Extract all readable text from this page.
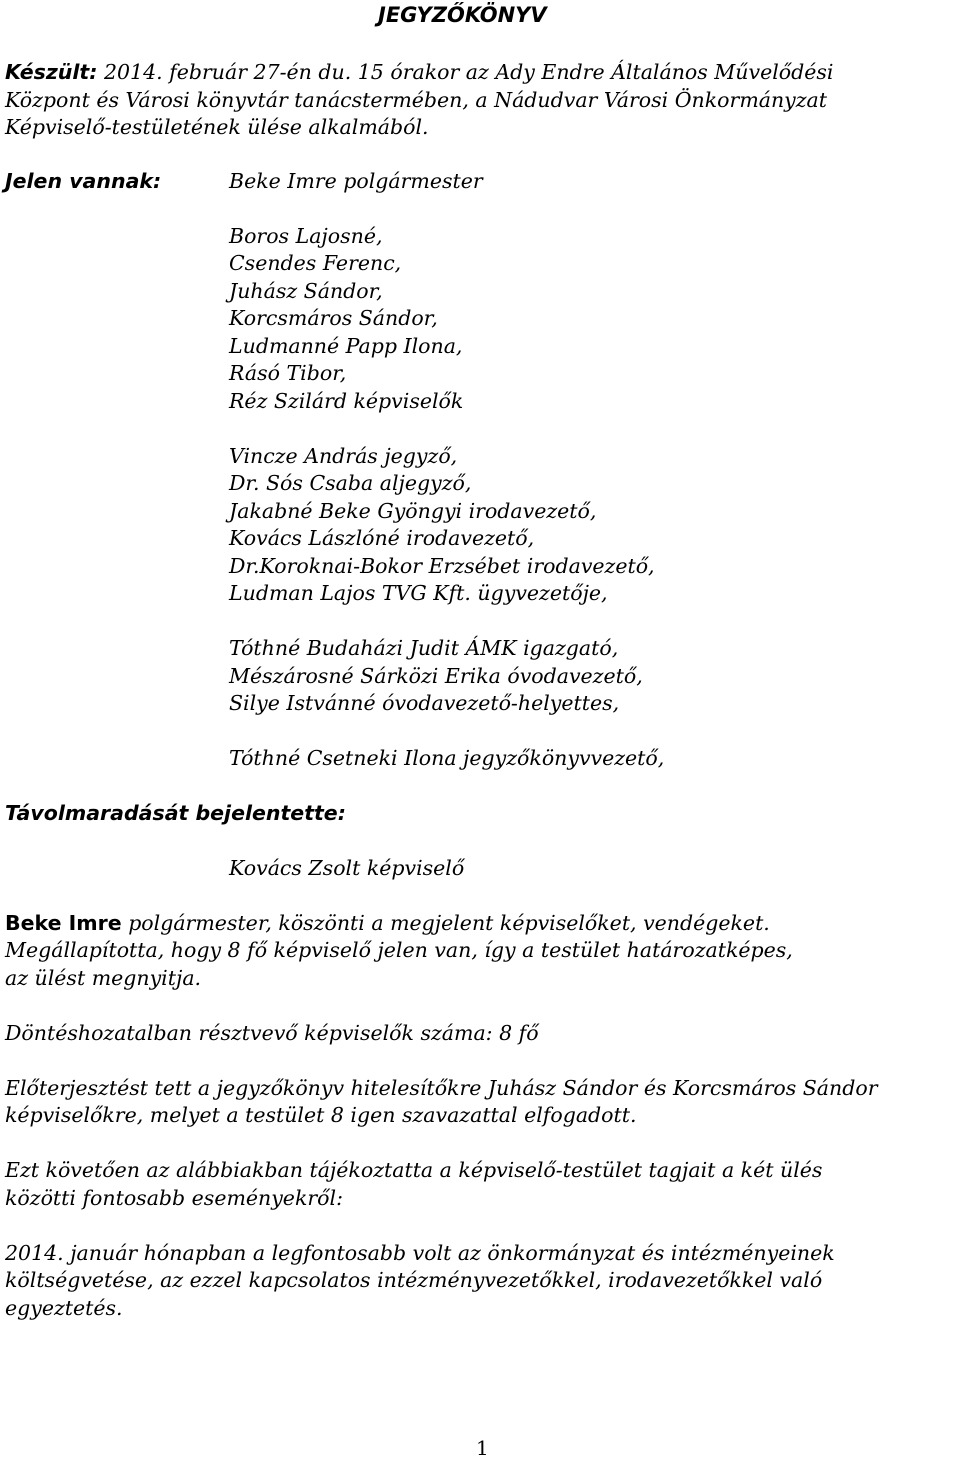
JEGYZŐKÖNYV
Készült: 2014. február 27-én du. 15 órakor az Ady Endre Általános Művelődési
Központ és Városi könyvtár tanácstermében, a Nádudvar Városi Önkormányzat
Képviselő-testületének ülése alkalmából.
Jelen vannak:	Beke Imre polgármester
Boros Lajosné,
Csendes Ferenc,
Juhász Sándor,
Korcsmáros Sándor,
Ludmanné Papp Ilona,
Rásó Tibor,
Réz Szilárd képviselők
Vincze András jegyző,
Dr. Sós Csaba aljegyző,
Jakabné Beke Gyöngyi irodavezető,
Kovács Lászlóné irodavezető,
Dr.Koroknai-Bokor Erzsébet irodavezető,
Ludman Lajos TVG Kft. ügyvezetője,
Tóthné Budaházi Judit ÁMK igazgató,
Mészárosné Sárközi Erika óvodavezető,
Silye Istvánné óvodavezető-helyettes,
Tóthné Csetneki Ilona jegyzőkönyvvezető,
Távolmaradását bejelentette:
Kovács Zsolt képviselő
Beke Imre polgármester, köszönti a megjelent képviselőket, vendégeket.
Megállapította, hogy 8 fő képviselő jelen van, így a testület határozatképes,
az ülést megnyitja.
Döntéshozatalban résztvevő képviselők száma: 8 fő
Előterjesztést tett a jegyzőkönyv hitelesítőkre Juhász Sándor és Korcsmáros Sándor
képviselőkre, melyet a testület 8 igen szavazattal elfogadott.
Ezt követően az alábbiakban tájékoztatta a képviselő-testület tagjait a két ülés
közötti fontosabb eseményekről:
2014. január hónapban a legfontosabb volt az önkormányzat és intézményeinek
költségvetése, az ezzel kapcsolatos intézményvezetőkkel, irodavezetőkkel való
egyeztetés.
1
